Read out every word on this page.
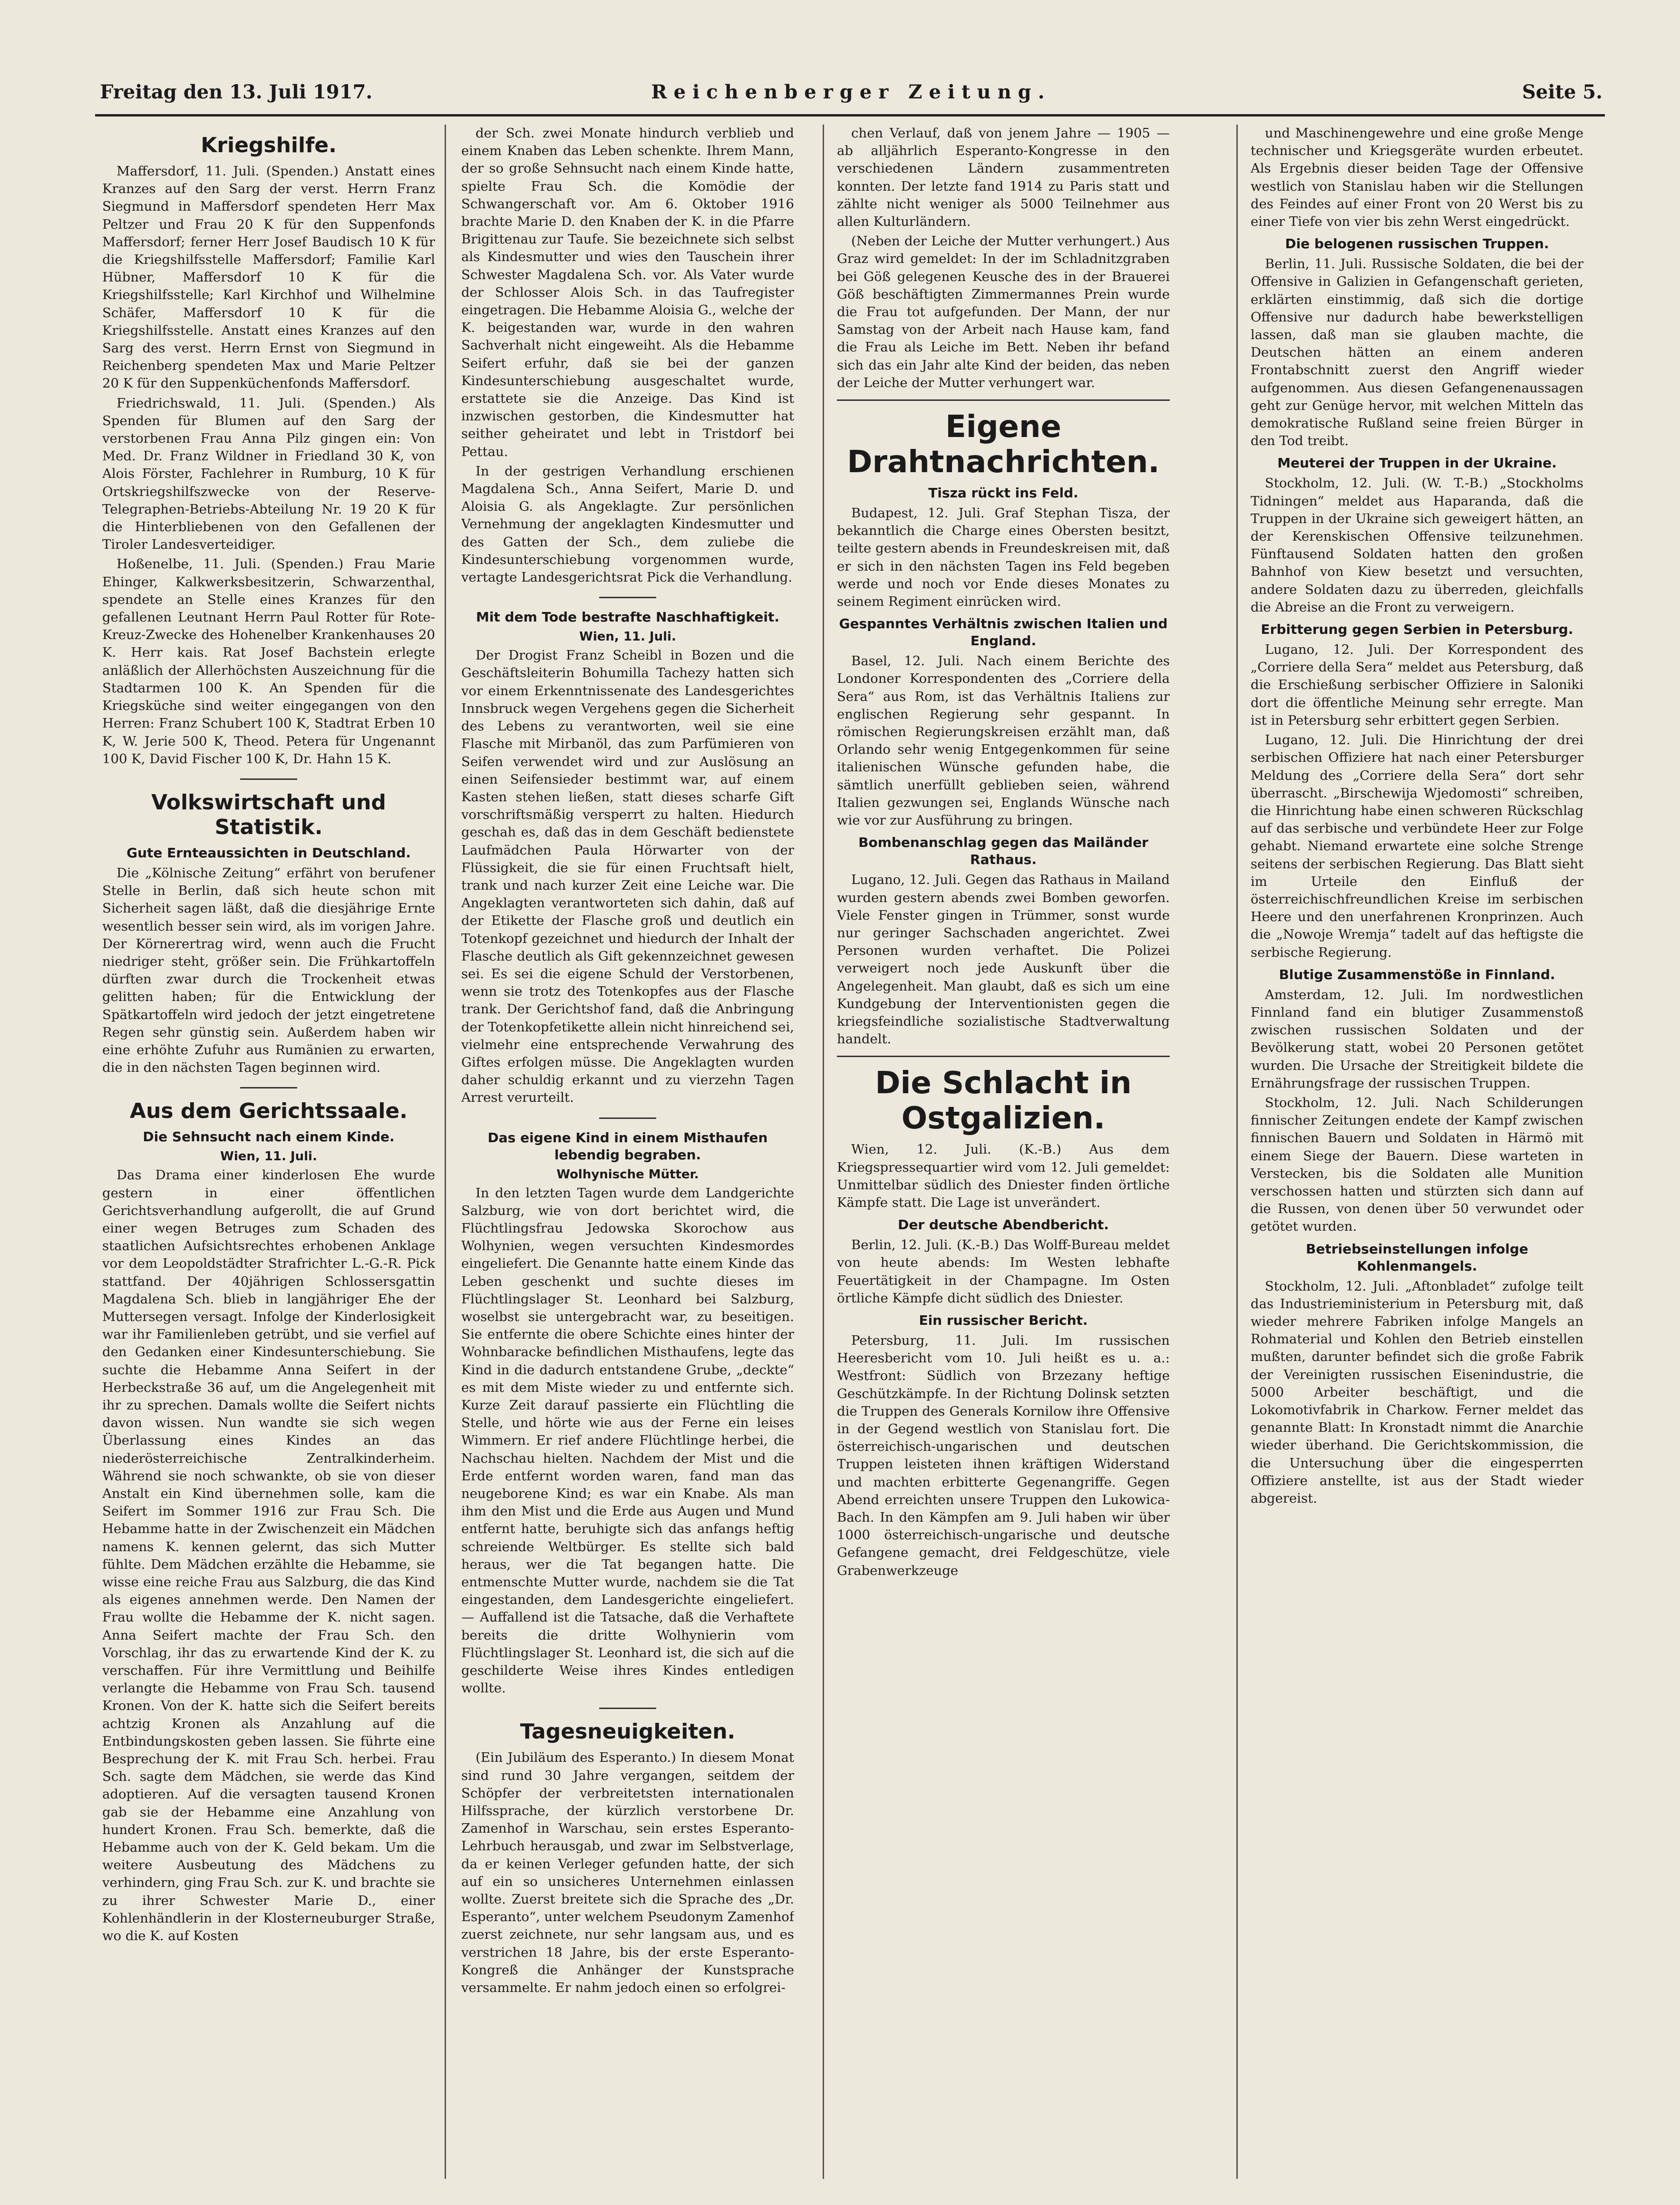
Freitag den 13. Juli 1917.	Reichenberger Zeitung.	Seite 5.
Kriegshilfe.

Maffersdorf, 11. Juli. (Spenden.) Anstatt eines Kranzes auf den Sarg der verst. Herrn Franz Siegmund in Maffersdorf spendeten Herr Max Peltzer und Frau 20 K für den Suppenfonds Maffersdorf; ferner Herr Josef Baudisch 10 K für die Kriegshilfsstelle Maffersdorf; Familie Karl Hübner, Maffersdorf 10 K für die Kriegshilfsstelle; Karl Kirchhof und Wilhelmine Schäfer, Maffersdorf 10 K für die Kriegshilfsstelle. Anstatt eines Kranzes auf den Sarg des verst. Herrn Ernst von Siegmund in Reichenberg spendeten Max und Marie Peltzer 20 K für den Suppenküchenfonds Maffersdorf.

Friedrichswald, 11. Juli. (Spenden.) Als Spenden für Blumen auf den Sarg der verstorbenen Frau Anna Pilz gingen ein: Von Med. Dr. Franz Wildner in Friedland 30 K, von Alois Förster, Fachlehrer in Rumburg, 10 K für Ortskriegshilfszwecke von der Reserve-Telegraphen-Betriebs-Abteilung Nr. 19 20 K für die Hinterbliebenen von den Gefallenen der Tiroler Landesverteidiger.

Hoßenelbe, 11. Juli. (Spenden.) Frau Marie Ehinger, Kalkwerksbesitzerin, Schwarzenthal, spendete an Stelle eines Kranzes für den gefallenen Leutnant Herrn Paul Rotter für Rote-Kreuz-Zwecke des Hohenelber Krankenhauses 20 K. Herr kais. Rat Josef Bachstein erlegte anläßlich der Allerhöchsten Auszeichnung für die Stadtarmen 100 K. An Spenden für die Kriegsküche sind weiter eingegangen von den Herren: Franz Schubert 100 K, Stadtrat Erben 10 K, W. Jerie 500 K, Theod. Petera für Ungenannt 100 K, David Fischer 100 K, Dr. Hahn 15 K.

Volkswirtschaft und Statistik.
Gute Ernteaussichten in Deutschland.

Die „Kölnische Zeitung“ erfährt von berufener Stelle in Berlin, daß sich heute schon mit Sicherheit sagen läßt, daß die diesjährige Ernte wesentlich besser sein wird, als im vorigen Jahre. Der Körnerertrag wird, wenn auch die Frucht niedriger steht, größer sein. Die Frühkartoffeln dürften zwar durch die Trockenheit etwas gelitten haben; für die Entwicklung der Spätkartoffeln wird jedoch der jetzt eingetretene Regen sehr günstig sein. Außerdem haben wir eine erhöhte Zufuhr aus Rumänien zu erwarten, die in den nächsten Tagen beginnen wird.

Aus dem Gerichtssaale.
Die Sehnsucht nach einem Kinde.
Wien, 11. Juli.

Das Drama einer kinderlosen Ehe wurde gestern in einer öffentlichen Gerichtsverhandlung aufgerollt, die auf Grund einer wegen Betruges zum Schaden des staatlichen Aufsichtsrechtes erhobenen Anklage vor dem Leopoldstädter Strafrichter L.-G.-R. Pick stattfand. Der 40jährigen Schlossersgattin Magdalena Sch. blieb in langjähriger Ehe der Muttersegen versagt. Infolge der Kinderlosigkeit war ihr Familienleben getrübt, und sie verfiel auf den Gedanken einer Kindesunterschiebung. Sie suchte die Hebamme Anna Seifert in der Herbeckstraße 36 auf, um die Angelegenheit mit ihr zu sprechen. Damals wollte die Seifert nichts davon wissen. Nun wandte sie sich wegen Überlassung eines Kindes an das niederösterreichische Zentralkinderheim. Während sie noch schwankte, ob sie von dieser Anstalt ein Kind übernehmen solle, kam die Seifert im Sommer 1916 zur Frau Sch. Die Hebamme hatte in der Zwischenzeit ein Mädchen namens K. kennen gelernt, das sich Mutter fühlte. Dem Mädchen erzählte die Hebamme, sie wisse eine reiche Frau aus Salzburg, die das Kind als eigenes annehmen werde. Den Namen der Frau wollte die Hebamme der K. nicht sagen. Anna Seifert machte der Frau Sch. den Vorschlag, ihr das zu erwartende Kind der K. zu verschaffen. Für ihre Vermittlung und Beihilfe verlangte die Hebamme von Frau Sch. tausend Kronen. Von der K. hatte sich die Seifert bereits achtzig Kronen als Anzahlung auf die Entbindungskosten geben lassen. Sie führte eine Besprechung der K. mit Frau Sch. herbei. Frau Sch. sagte dem Mädchen, sie werde das Kind adoptieren. Auf die versagten tausend Kronen gab sie der Hebamme eine Anzahlung von hundert Kronen. Frau Sch. bemerkte, daß die Hebamme auch von der K. Geld bekam. Um die weitere Ausbeutung des Mädchens zu verhindern, ging Frau Sch. zur K. und brachte sie zu ihrer Schwester Marie D., einer Kohlenhändlerin in der Klosterneuburger Straße, wo die K. auf Kosten

der Sch. zwei Monate hindurch verblieb und einem Knaben das Leben schenkte. Ihrem Mann, der so große Sehnsucht nach einem Kinde hatte, spielte Frau Sch. die Komödie der Schwangerschaft vor. Am 6. Oktober 1916 brachte Marie D. den Knaben der K. in die Pfarre Brigittenau zur Taufe. Sie bezeichnete sich selbst als Kindesmutter und wies den Tauschein ihrer Schwester Magdalena Sch. vor. Als Vater wurde der Schlosser Alois Sch. in das Taufregister eingetragen. Die Hebamme Aloisia G., welche der K. beigestanden war, wurde in den wahren Sachverhalt nicht eingeweiht. Als die Hebamme Seifert erfuhr, daß sie bei der ganzen Kindesunterschiebung ausgeschaltet wurde, erstattete sie die Anzeige. Das Kind ist inzwischen gestorben, die Kindesmutter hat seither geheiratet und lebt in Tristdorf bei Pettau.

In der gestrigen Verhandlung erschienen Magdalena Sch., Anna Seifert, Marie D. und Aloisia G. als Angeklagte. Zur persönlichen Vernehmung der angeklagten Kindesmutter und des Gatten der Sch., dem zuliebe die Kindesunterschiebung vorgenommen wurde, vertagte Landesgerichtsrat Pick die Verhandlung.

Mit dem Tode bestrafte Naschhaftigkeit.
Wien, 11. Juli.

Der Drogist Franz Scheibl in Bozen und die Geschäftsleiterin Bohumilla Tachezy hatten sich vor einem Erkenntnissenate des Landesgerichtes Innsbruck wegen Vergehens gegen die Sicherheit des Lebens zu verantworten, weil sie eine Flasche mit Mirbanöl, das zum Parfümieren von Seifen verwendet wird und zur Auslösung an einen Seifensieder bestimmt war, auf einem Kasten stehen ließen, statt dieses scharfe Gift vorschriftsmäßig versperrt zu halten. Hiedurch geschah es, daß das in dem Geschäft bedienstete Laufmädchen Paula Hörwarter von der Flüssigkeit, die sie für einen Fruchtsaft hielt, trank und nach kurzer Zeit eine Leiche war. Die Angeklagten verantworteten sich dahin, daß auf der Etikette der Flasche groß und deutlich ein Totenkopf gezeichnet und hiedurch der Inhalt der Flasche deutlich als Gift gekennzeichnet gewesen sei. Es sei die eigene Schuld der Verstorbenen, wenn sie trotz des Totenkopfes aus der Flasche trank. Der Gerichtshof fand, daß die Anbringung der Totenkopfetikette allein nicht hinreichend sei, vielmehr eine entsprechende Verwahrung des Giftes erfolgen müsse. Die Angeklagten wurden daher schuldig erkannt und zu vierzehn Tagen Arrest verurteilt.

Das eigene Kind in einem Misthaufen lebendig begraben.
Wolhynische Mütter.

In den letzten Tagen wurde dem Landgerichte Salzburg, wie von dort berichtet wird, die Flüchtlingsfrau Jedowska Skorochow aus Wolhynien, wegen versuchten Kindesmordes eingeliefert. Die Genannte hatte einem Kinde das Leben geschenkt und suchte dieses im Flüchtlingslager St. Leonhard bei Salzburg, woselbst sie untergebracht war, zu beseitigen. Sie entfernte die obere Schichte eines hinter der Wohnbaracke befindlichen Misthaufens, legte das Kind in die dadurch entstandene Grube, „deckte“ es mit dem Miste wieder zu und entfernte sich. Kurze Zeit darauf passierte ein Flüchtling die Stelle, und hörte wie aus der Ferne ein leises Wimmern. Er rief andere Flüchtlinge herbei, die Nachschau hielten. Nachdem der Mist und die Erde entfernt worden waren, fand man das neugeborene Kind; es war ein Knabe. Als man ihm den Mist und die Erde aus Augen und Mund entfernt hatte, beruhigte sich das anfangs heftig schreiende Weltbürger. Es stellte sich bald heraus, wer die Tat begangen hatte. Die entmenschte Mutter wurde, nachdem sie die Tat eingestanden, dem Landesgerichte eingeliefert. — Auffallend ist die Tatsache, daß die Verhaftete bereits die dritte Wolhynierin vom Flüchtlingslager St. Leonhard ist, die sich auf die geschilderte Weise ihres Kindes entledigen wollte.

Tagesneuigkeiten.

(Ein Jubiläum des Esperanto.) In diesem Monat sind rund 30 Jahre vergangen, seitdem der Schöpfer der verbreitetsten internationalen Hilfssprache, der kürzlich verstorbene Dr. Zamenhof in Warschau, sein erstes Esperanto-Lehrbuch herausgab, und zwar im Selbstverlage, da er keinen Verleger gefunden hatte, der sich auf ein so unsicheres Unternehmen einlassen wollte. Zuerst breitete sich die Sprache des „Dr. Esperanto“, unter welchem Pseudonym Zamenhof zuerst zeichnete, nur sehr langsam aus, und es verstrichen 18 Jahre, bis der erste Esperanto-Kongreß die Anhänger der Kunstsprache versammelte. Er nahm jedoch einen so erfolgrei-

chen Verlauf, daß von jenem Jahre — 1905 — ab alljährlich Esperanto-Kongresse in den verschiedenen Ländern zusammentreten konnten. Der letzte fand 1914 zu Paris statt und zählte nicht weniger als 5000 Teilnehmer aus allen Kulturländern.

(Neben der Leiche der Mutter verhungert.) Aus Graz wird gemeldet: In der im Schladnitzgraben bei Göß gelegenen Keusche des in der Brauerei Göß beschäftigten Zimmermannes Prein wurde die Frau tot aufgefunden. Der Mann, der nur Samstag von der Arbeit nach Hause kam, fand die Frau als Leiche im Bett. Neben ihr befand sich das ein Jahr alte Kind der beiden, das neben der Leiche der Mutter verhungert war.

Eigene Drahtnachrichten.
Tisza rückt ins Feld.

Budapest, 12. Juli. Graf Stephan Tisza, der bekanntlich die Charge eines Obersten besitzt, teilte gestern abends in Freundeskreisen mit, daß er sich in den nächsten Tagen ins Feld begeben werde und noch vor Ende dieses Monates zu seinem Regiment einrücken wird.

Gespanntes Verhältnis zwischen Italien und England.

Basel, 12. Juli. Nach einem Berichte des Londoner Korrespondenten des „Corriere della Sera“ aus Rom, ist das Verhältnis Italiens zur englischen Regierung sehr gespannt. In römischen Regierungskreisen erzählt man, daß Orlando sehr wenig Entgegenkommen für seine italienischen Wünsche gefunden habe, die sämtlich unerfüllt geblieben seien, während Italien gezwungen sei, Englands Wünsche nach wie vor zur Ausführung zu bringen.

Bombenanschlag gegen das Mailänder Rathaus.

Lugano, 12. Juli. Gegen das Rathaus in Mailand wurden gestern abends zwei Bomben geworfen. Viele Fenster gingen in Trümmer, sonst wurde nur geringer Sachschaden angerichtet. Zwei Personen wurden verhaftet. Die Polizei verweigert noch jede Auskunft über die Angelegenheit. Man glaubt, daß es sich um eine Kundgebung der Interventionisten gegen die kriegsfeindliche sozialistische Stadtverwaltung handelt.

Die Schlacht in Ostgalizien.

Wien, 12. Juli. (K.-B.) Aus dem Kriegspressequartier wird vom 12. Juli gemeldet: Unmittelbar südlich des Dniester finden örtliche Kämpfe statt. Die Lage ist unverändert.

Der deutsche Abendbericht.

Berlin, 12. Juli. (K.-B.) Das Wolff-Bureau meldet von heute abends: Im Westen lebhafte Feuertätigkeit in der Champagne. Im Osten örtliche Kämpfe dicht südlich des Dniester.

Ein russischer Bericht.

Petersburg, 11. Juli. Im russischen Heeresbericht vom 10. Juli heißt es u. a.: Westfront: Südlich von Brzezany heftige Geschützkämpfe. In der Richtung Dolinsk setzten die Truppen des Generals Kornilow ihre Offensive in der Gegend westlich von Stanislau fort. Die österreichisch-ungarischen und deutschen Truppen leisteten ihnen kräftigen Widerstand und machten erbitterte Gegenangriffe. Gegen Abend erreichten unsere Truppen den Lukowica-Bach. In den Kämpfen am 9. Juli haben wir über 1000 österreichisch-ungarische und deutsche Gefangene gemacht, drei Feldgeschütze, viele Grabenwerkzeuge

und Maschinengewehre und eine große Menge technischer und Kriegsgeräte wurden erbeutet. Als Ergebnis dieser beiden Tage der Offensive westlich von Stanislau haben wir die Stellungen des Feindes auf einer Front von 20 Werst bis zu einer Tiefe von vier bis zehn Werst eingedrückt.

Die belogenen russischen Truppen.

Berlin, 11. Juli. Russische Soldaten, die bei der Offensive in Galizien in Gefangenschaft gerieten, erklärten einstimmig, daß sich die dortige Offensive nur dadurch habe bewerkstelligen lassen, daß man sie glauben machte, die Deutschen hätten an einem anderen Frontabschnitt zuerst den Angriff wieder aufgenommen. Aus diesen Gefangenenaussagen geht zur Genüge hervor, mit welchen Mitteln das demokratische Rußland seine freien Bürger in den Tod treibt.

Meuterei der Truppen in der Ukraine.

Stockholm, 12. Juli. (W. T.-B.) „Stockholms Tidningen“ meldet aus Haparanda, daß die Truppen in der Ukraine sich geweigert hätten, an der Kerenskischen Offensive teilzunehmen. Fünftausend Soldaten hatten den großen Bahnhof von Kiew besetzt und versuchten, andere Soldaten dazu zu überreden, gleichfalls die Abreise an die Front zu verweigern.

Erbitterung gegen Serbien in Petersburg.

Lugano, 12. Juli. Der Korrespondent des „Corriere della Sera“ meldet aus Petersburg, daß die Erschießung serbischer Offiziere in Saloniki dort die öffentliche Meinung sehr erregte. Man ist in Petersburg sehr erbittert gegen Serbien.

Lugano, 12. Juli. Die Hinrichtung der drei serbischen Offiziere hat nach einer Petersburger Meldung des „Corriere della Sera“ dort sehr überrascht. „Birschewija Wjedomosti“ schreiben, die Hinrichtung habe einen schweren Rückschlag auf das serbische und verbündete Heer zur Folge gehabt. Niemand erwartete eine solche Strenge seitens der serbischen Regierung. Das Blatt sieht im Urteile den Einfluß der österreichischfreundlichen Kreise im serbischen Heere und den unerfahrenen Kronprinzen. Auch die „Nowoje Wremja“ tadelt auf das heftigste die serbische Regierung.

Blutige Zusammenstöße in Finnland.

Amsterdam, 12. Juli. Im nordwestlichen Finnland fand ein blutiger Zusammenstoß zwischen russischen Soldaten und der Bevölkerung statt, wobei 20 Personen getötet wurden. Die Ursache der Streitigkeit bildete die Ernährungsfrage der russischen Truppen.

Stockholm, 12. Juli. Nach Schilderungen finnischer Zeitungen endete der Kampf zwischen finnischen Bauern und Soldaten in Härmö mit einem Siege der Bauern. Diese warteten in Verstecken, bis die Soldaten alle Munition verschossen hatten und stürzten sich dann auf die Russen, von denen über 50 verwundet oder getötet wurden.

Betriebseinstellungen infolge Kohlenmangels.

Stockholm, 12. Juli. „Aftonbladet“ zufolge teilt das Industrieministerium in Petersburg mit, daß wieder mehrere Fabriken infolge Mangels an Rohmaterial und Kohlen den Betrieb einstellen mußten, darunter befindet sich die große Fabrik der Vereinigten russischen Eisenindustrie, die 5000 Arbeiter beschäftigt, und die Lokomotivfabrik in Charkow. Ferner meldet das genannte Blatt: In Kronstadt nimmt die Anarchie wieder überhand. Die Gerichtskommission, die die Untersuchung über die eingesperrten Offiziere anstellte, ist aus der Stadt wieder abgereist.
